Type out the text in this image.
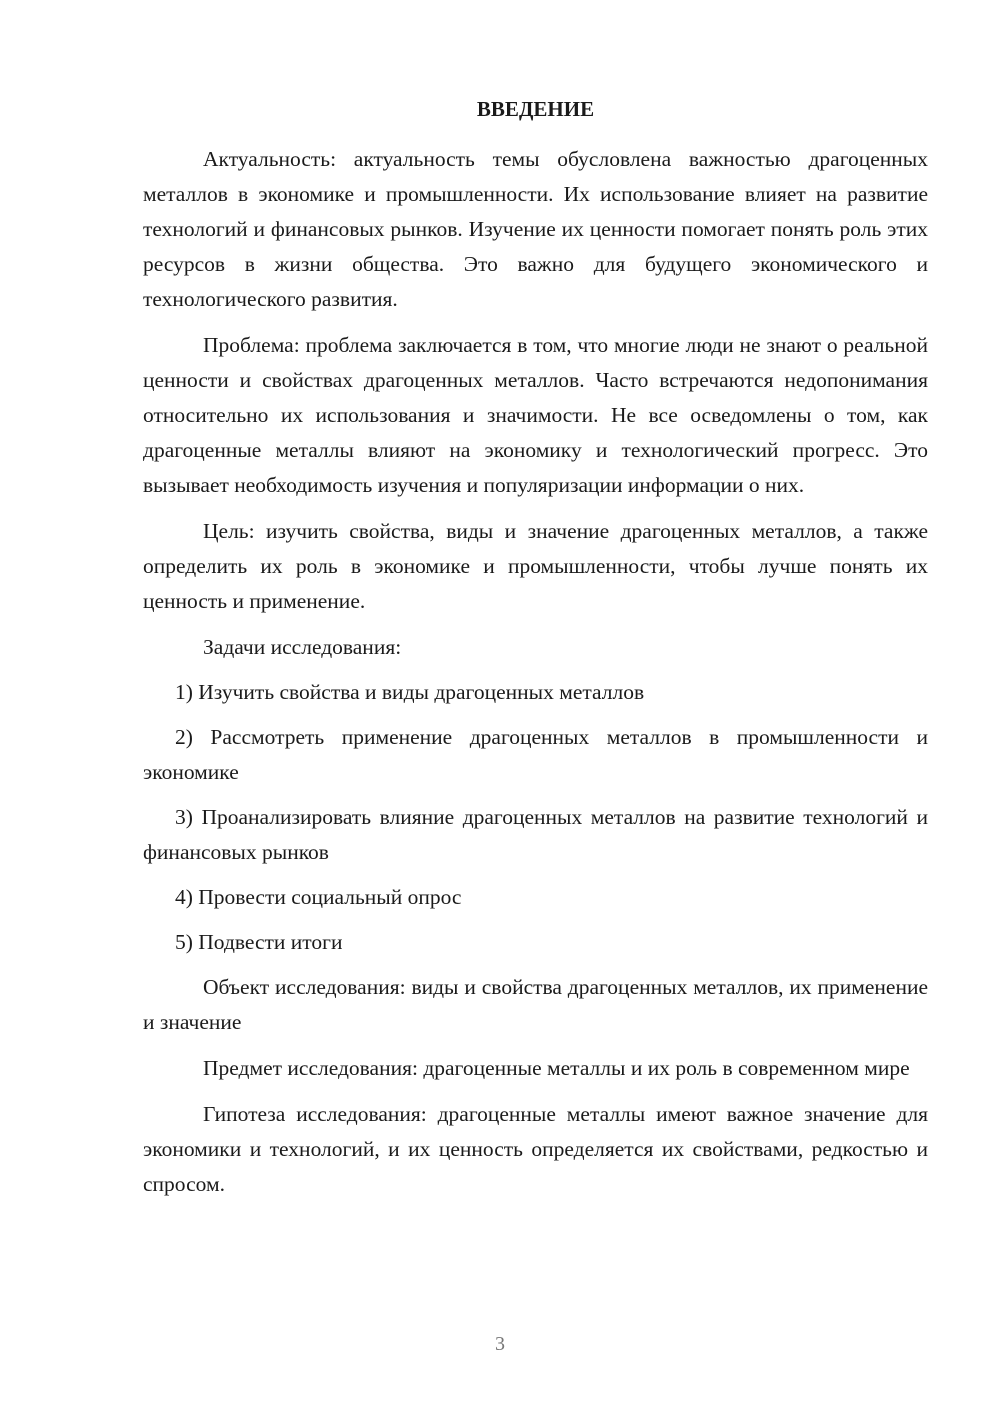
ВВЕДЕНИЕ

Актуальность: актуальность темы обусловлена важностью драгоценных металлов в экономике и промышленности. Их использование влияет на развитие технологий и финансовых рынков. Изучение их ценности помогает понять роль этих ресурсов в жизни общества. Это важно для будущего экономического и технологического развития.

Проблема: проблема заключается в том, что многие люди не знают о реальной ценности и свойствах драгоценных металлов. Часто встречаются недопонимания относительно их использования и значимости. Не все осведомлены о том, как драгоценные металлы влияют на экономику и технологический прогресс. Это вызывает необходимость изучения и популяризации информации о них.

Цель: изучить свойства, виды и значение драгоценных металлов, а также определить их роль в экономике и промышленности, чтобы лучше понять их ценность и применение.

Задачи исследования:

1) Изучить свойства и виды драгоценных металлов

2) Рассмотреть применение драгоценных металлов в промышленности и экономике

3) Проанализировать влияние драгоценных металлов на развитие технологий и финансовых рынков

4) Провести социальный опрос

5) Подвести итоги

Объект исследования: виды и свойства драгоценных металлов, их применение и значение

Предмет исследования: драгоценные металлы и их роль в современном мире

Гипотеза исследования: драгоценные металлы имеют важное значение для экономики и технологий, и их ценность определяется их свойствами, редкостью и спросом.

3
